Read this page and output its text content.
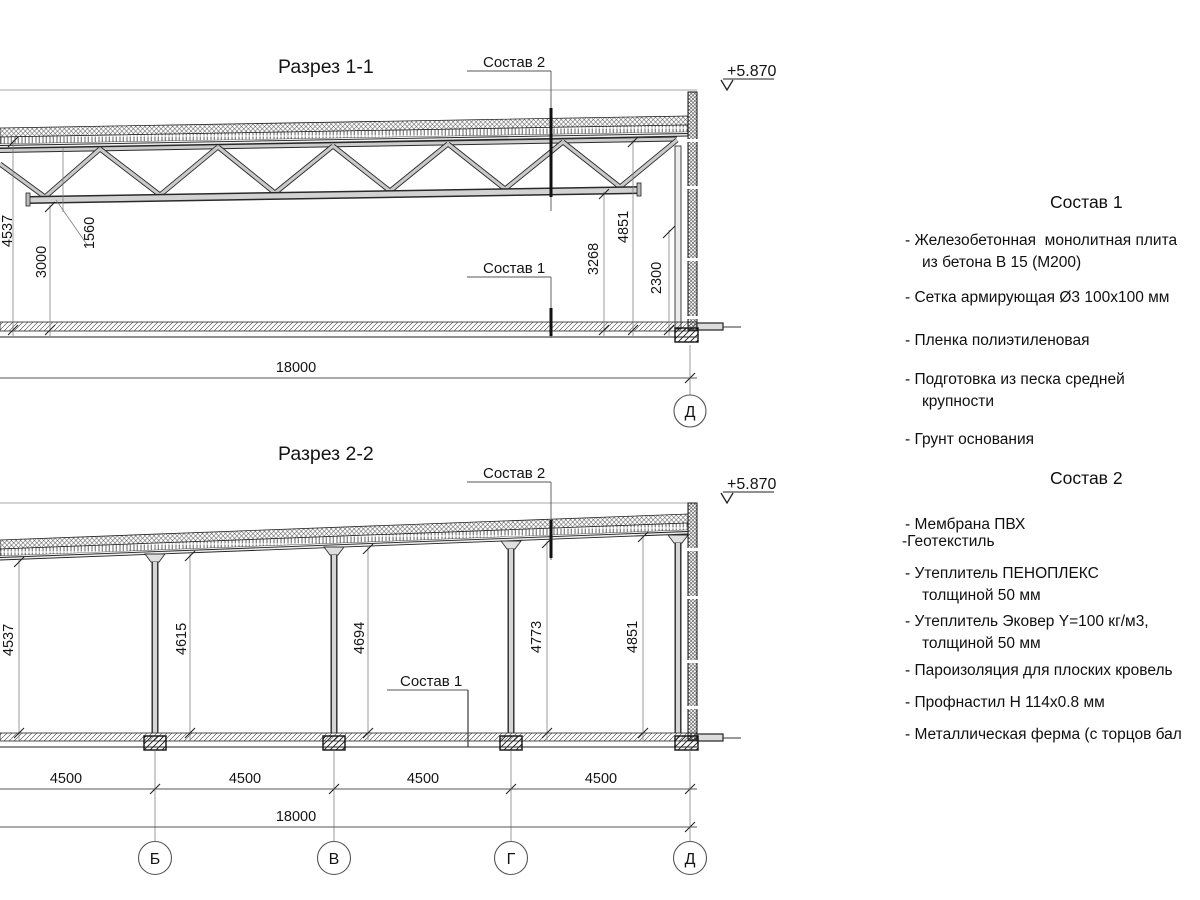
Разрез 1-1	+5.870
Состав 2
Состав 1
4537	1560
3000	3268
4851
2300
18000
Д
Разрез 2-2
+5.870
Состав 2
Состав 1
4537	4615	4694	4773	4851
4500	4500	4500	4500
18000
Б	В	Г	Д
Состав 1
- Железобетонная  монолитная плита
из бетона В 15 (М200)
- Сетка армирующая Ø3 100х100 мм
- Пленка полиэтиленовая
- Подготовка из песка средней
крупности
- Грунт основания
Состав 2
- Мембрана ПВХ
-Геотекстиль
- Утеплитель ПЕНОПЛЕКС
толщиной 50 мм
- Утеплитель Эковер Y=100 кг/м3,
толщиной 50 мм
- Пароизоляция для плоских кровель
- Профнастил Н 114х0.8 мм
- Металлическая ферма (с торцов бал
